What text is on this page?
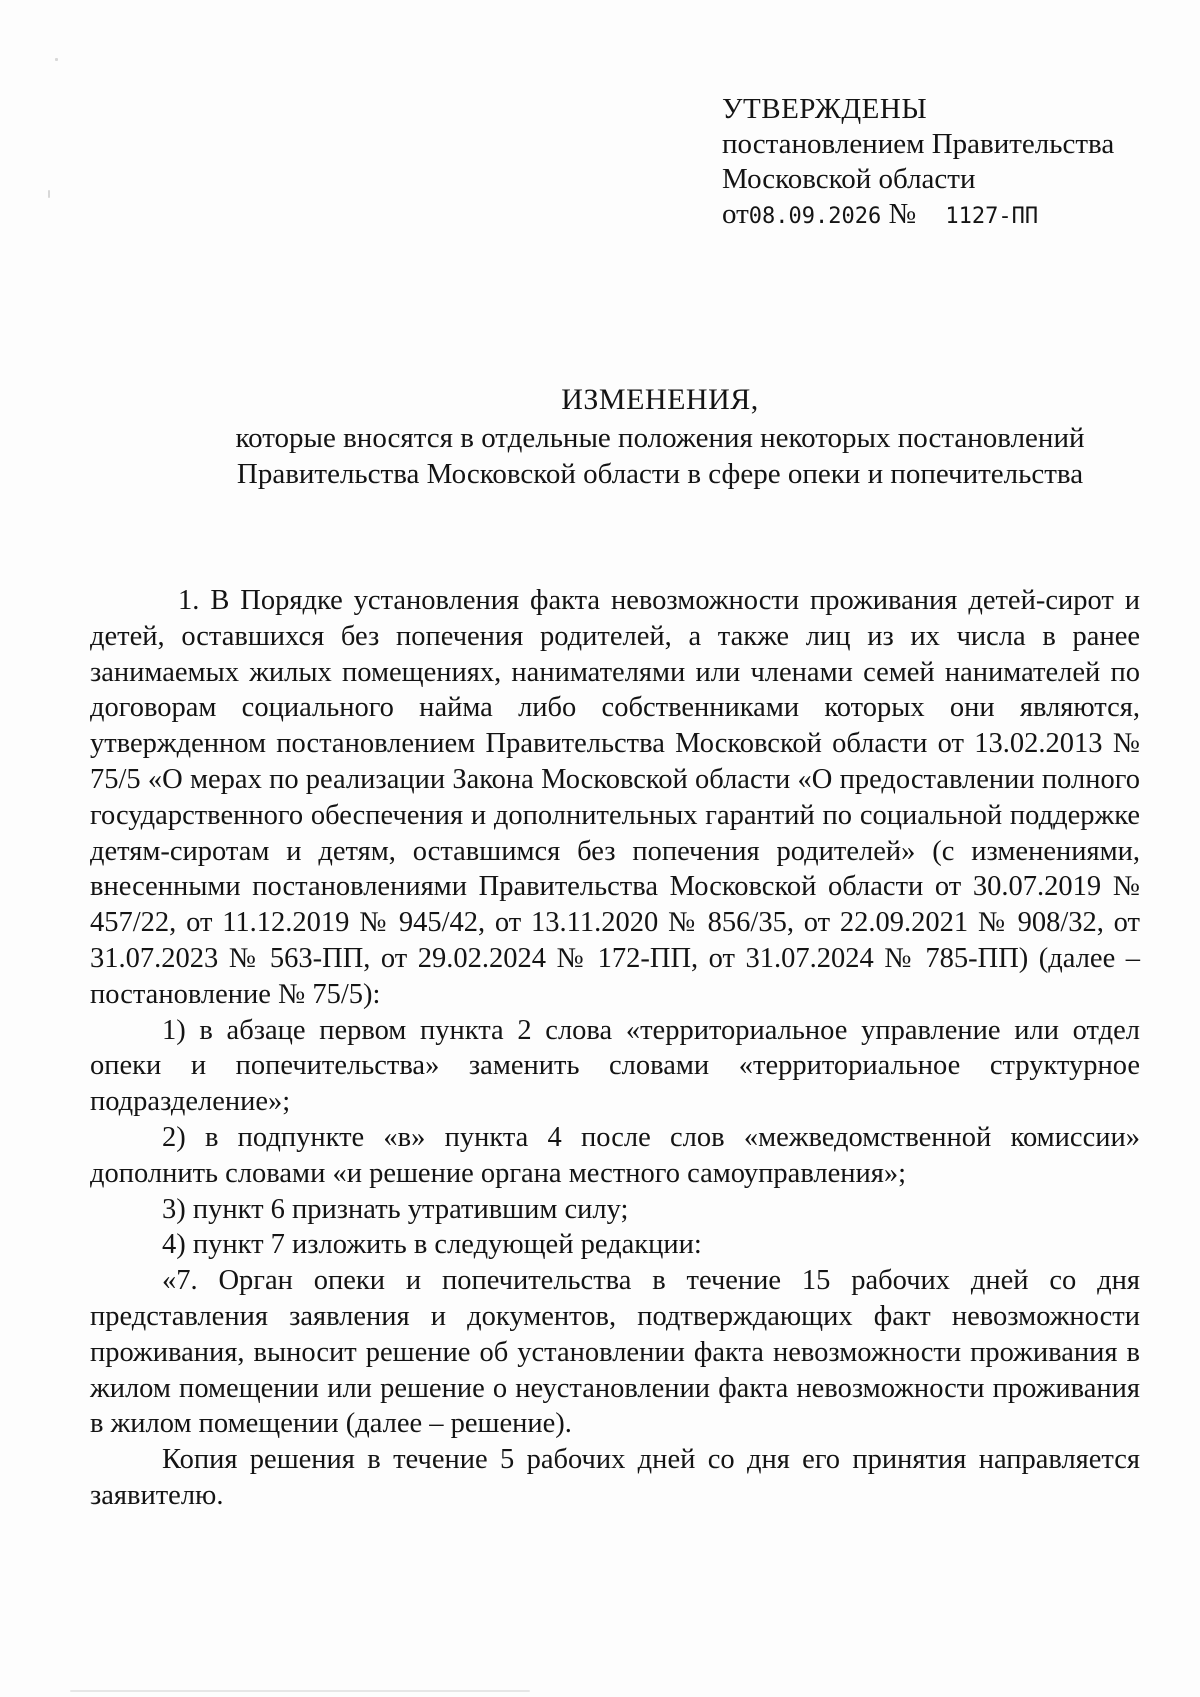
УТВЕРЖДЕНЫ
постановлением Правительства
Московской области
от08.09.2026 № 1127-ПП
ИЗМЕНЕНИЯ,
которые вносятся в отдельные положения некоторых постановлений
Правительства Московской области в сфере опеки и попечительства

1. В Порядке установления факта невозможности проживания детей-сирот и детей, оставшихся без попечения родителей, а также лиц из их числа в ранее занимаемых жилых помещениях, нанимателями или членами семей нанимателей по договорам социального найма либо собственниками которых они являются, утвержденном постановлением Правительства Московской области от 13.02.2013 № 75/5 «О мерах по реализации Закона Московской области «О предоставлении полного государственного обеспечения и дополнительных гарантий по социальной поддержке детям-сиротам и детям, оставшимся без попечения родителей» (с изменениями, внесенными постановлениями Правительства Московской области от 30.07.2019 № 457/22, от 11.12.2019 № 945/42, от 13.11.2020 № 856/35, от 22.09.2021 № 908/32, от 31.07.2023 № 563-ПП, от 29.02.2024 № 172-ПП, от 31.07.2024 № 785-ПП) (далее – постановление № 75/5):

1) в абзаце первом пункта 2 слова «территориальное управление или отдел опеки и попечительства» заменить словами «территориальное структурное подразделение»;

2) в подпункте «в» пункта 4 после слов «межведомственной комиссии» дополнить словами «и решение органа местного самоуправления»;

3) пункт 6 признать утратившим силу;

4) пункт 7 изложить в следующей редакции:

«7. Орган опеки и попечительства в течение 15 рабочих дней со дня представления заявления и документов, подтверждающих факт невозможности проживания, выносит решение об установлении факта невозможности проживания в жилом помещении или решение о неустановлении факта невозможности проживания в жилом помещении (далее – решение).

Копия решения в течение 5 рабочих дней со дня его принятия направляется заявителю.
